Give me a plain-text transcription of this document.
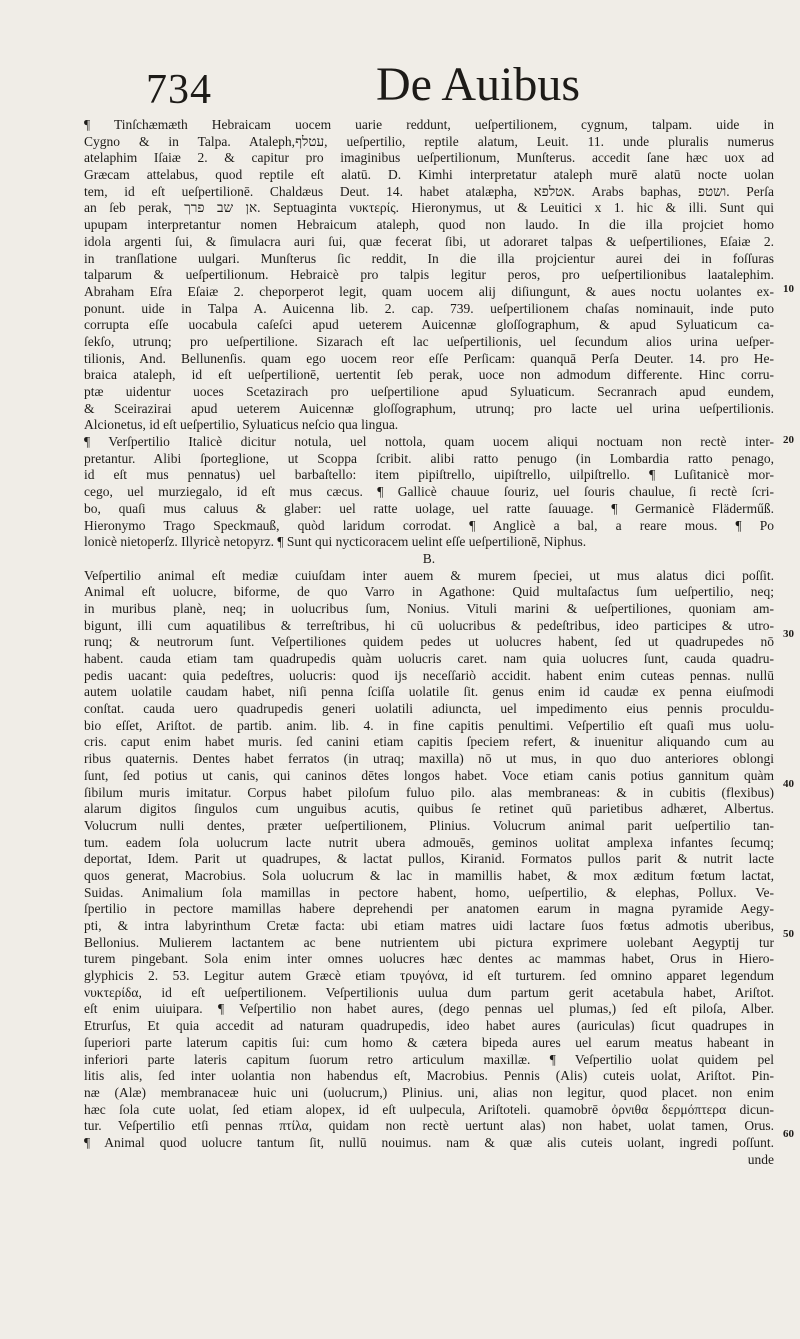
734	De Auibus
¶ Tinſchæmæth Hebraicam uocem uarie reddunt, ueſpertilionem, cygnum, talpam. uide in
Cygno & in Talpa. Ataleph,עטלף, ueſpertilio, reptile alatum, Leuit. 11. unde pluralis numerus
atelaphim Iſaiæ 2. & capitur pro imaginibus ueſpertilionum, Munſterus. accedit ſane hæc uox ad
Græcam attelabus, quod reptile eſt alatū. D. Kimhi interpretatur ataleph murē alatū nocte uolan
tem, id eſt ueſpertilionē. Chaldæus Deut. 14. habet atalæpha, אטלפא. Arabs baphas, ושטפ. Perſa
an ſeb perak, אן שב פרך. Septuaginta νυκτερίς. Hieronymus, ut & Leuitici x 1. hic & illi. Sunt qui
upupam interpretantur nomen Hebraicum ataleph, quod non laudo. In die illa projciet homo
idola argenti ſui, & ſimulacra auri ſui, quæ fecerat ſibi, ut adoraret talpas & ueſpertiliones, Eſaiæ 2.
in tranſlatione uulgari. Munſterus ſic reddit, In die illa projcientur aurei dei in foſſuras
talparum & ueſpertilionum. Hebraicè pro talpis legitur peros, pro ueſpertilionibus laatalephim.
Abraham Eſra Eſaiæ 2. cheporperot legit, quam uocem alij diſiungunt, & aues noctu uolantes ex-
ponunt. uide in Talpa A. Auicenna lib. 2. cap. 739. ueſpertilionem chaſas nominauit, inde puto
corrupta eſſe uocabula caſeſci apud ueterem Auicennæ gloſſographum, & apud Syluaticum ca-
ſekſo, utrunq; pro ueſpertilione. Sizarach eſt lac ueſpertilionis, uel ſecundum alios urina ueſper-
tilionis, And. Bellunenſis. quam ego uocem reor eſſe Perſicam: quanquā Perſa Deuter. 14. pro He-
braica ataleph, id eſt ueſpertilionē, uertentit ſeb perak, uoce non admodum differente. Hinc corru-
ptæ uidentur uoces Scetazirach pro ueſpertilione apud Syluaticum. Secranrach apud eundem,
& Sceirazirai apud ueterem Auicennæ gloſſographum, utrunq; pro lacte uel urina ueſpertilionis.
Alcionetus, id eſt ueſpertilio, Syluaticus neſcio qua lingua.
¶ Verſpertilio Italicè dicitur notula, uel nottola, quam uocem aliqui noctuam non rectè inter-
pretantur. Alibi ſporteglione, ut Scoppa ſcribit. alibi ratto penugo (in Lombardia ratto penago,
id eſt mus pennatus) uel barbaſtello: item pipiſtrello, uipiſtrello, uilpiſtrello. ¶ Luſitanicè mor-
cego, uel murziegalo, id eſt mus cæcus. ¶ Gallicè chauue ſouriz, uel ſouris chaulue, ſi rectè ſcri-
bo, quaſi mus caluus & glaber: uel ratte uolage, uel ratte ſauuage. ¶ Germanicè Fläderműß.
Hieronymo Trago Speckmauß, quòd laridum corrodat. ¶ Anglicè a bal, a reare mous. ¶ Po
lonicè nietoperſz. Illyricè netopyrz. ¶ Sunt qui nycticoracem uelint eſſe ueſpertilionē, Niphus.
B.
Veſpertilio animal eſt mediæ cuiuſdam inter auem & murem ſpeciei, ut mus alatus dici poſſit.
Animal eſt uolucre, biforme, de quo Varro in Agathone: Quid multaſactus ſum ueſpertilio, neq;
in muribus planè, neq; in uolucribus ſum, Nonius. Vituli marini & ueſpertiliones, quoniam am-
bigunt, illi cum aquatilibus & terreſtribus, hi cū uolucribus & pedeſtribus, ideo participes & utro-
runq; & neutrorum ſunt. Veſpertiliones quidem pedes ut uolucres habent, ſed ut quadrupedes nō
habent. cauda etiam tam quadrupedis quàm uolucris caret. nam quia uolucres ſunt, cauda quadru-
pedis uacant: quia pedeſtres, uolucris: quod ijs neceſſariò accidit. habent enim cuteas pennas. nullū
autem uolatile caudam habet, niſi penna ſciſſa uolatile ſit. genus enim id caudæ ex penna eiuſmodi
conſtat. cauda uero quadrupedis generi uolatili adiuncta, uel impedimento eius pennis proculdu-
bio eſſet, Ariſtot. de partib. anim. lib. 4. in fine capitis penultimi. Veſpertilio eſt quaſi mus uolu-
cris. caput enim habet muris. ſed canini etiam capitis ſpeciem refert, & inuenitur aliquando cum au
ribus quaternis. Dentes habet ferratos (in utraq; maxilla) nō ut mus, in quo duo anteriores oblongi
ſunt, ſed potius ut canis, qui caninos dētes longos habet. Voce etiam canis potius gannitum quàm
ſibilum muris imitatur. Corpus habet piloſum fuluo pilo. alas membraneas: & in cubitis (flexibus)
alarum digitos ſingulos cum unguibus acutis, quibus ſe retinet quū parietibus adhæret, Albertus.
Volucrum nulli dentes, præter ueſpertilionem, Plinius. Volucrum animal parit ueſpertilio tan-
tum. eadem ſola uolucrum lacte nutrit ubera admouēs, geminos uolitat amplexa infantes ſecumq;
deportat, Idem. Parit ut quadrupes, & lactat pullos, Kiranid. Formatos pullos parit & nutrit lacte
quos generat, Macrobius. Sola uolucrum & lac in mamillis habet, & mox æditum fœtum lactat,
Suidas. Animalium ſola mamillas in pectore habent, homo, ueſpertilio, & elephas, Pollux. Ve-
ſpertilio in pectore mamillas habere deprehendi per anatomen earum in magna pyramide Aegy-
pti, & intra labyrinthum Cretæ facta: ubi etiam matres uidi lactare ſuos fœtus admotis uberibus,
Bellonius. Mulierem lactantem ac bene nutrientem ubi pictura exprimere uolebant Aegyptij tur
turem pingebant. Sola enim inter omnes uolucres hæc dentes ac mammas habet, Orus in Hiero-
glyphicis 2. 53. Legitur autem Græcè etiam τρυγόνα, id eſt turturem. ſed omnino apparet legendum
νυκτερίδα, id eſt ueſpertilionem. Veſpertilionis uulua dum partum gerit acetabula habet, Ariſtot.
eſt enim uiuipara. ¶ Veſpertilio non habet aures, (dego pennas uel plumas,) ſed eſt piloſa, Alber.
Etrurſus, Et quia accedit ad naturam quadrupedis, ideo habet aures (auriculas) ſicut quadrupes in
ſuperiori parte laterum capitis ſui: cum homo & cætera bipeda aures uel earum meatus habeant in
inferiori parte lateris capitum ſuorum retro articulum maxillæ. ¶ Veſpertilio uolat quidem pel
litis alis, ſed inter uolantia non habendus eſt, Macrobius. Pennis (Alis) cuteis uolat, Ariſtot. Pin-
næ (Alæ) membranaceæ huic uni (uolucrum,) Plinius. uni, alias non legitur, quod placet. non enim
hæc ſola cute uolat, ſed etiam alopex, id eſt uulpecula, Ariſtoteli. quamobrē ὀρνιθα δερμόπτερα dicun-
tur. Veſpertilio etſi pennas πτίλα, quidam non rectè uertunt alas) non habet, uolat tamen, Orus.
¶ Animal quod uolucre tantum ſit, nullū nouimus. nam & quæ alis cuteis uolant, ingredi poſſunt.
unde
10
20
30
40
50
60
